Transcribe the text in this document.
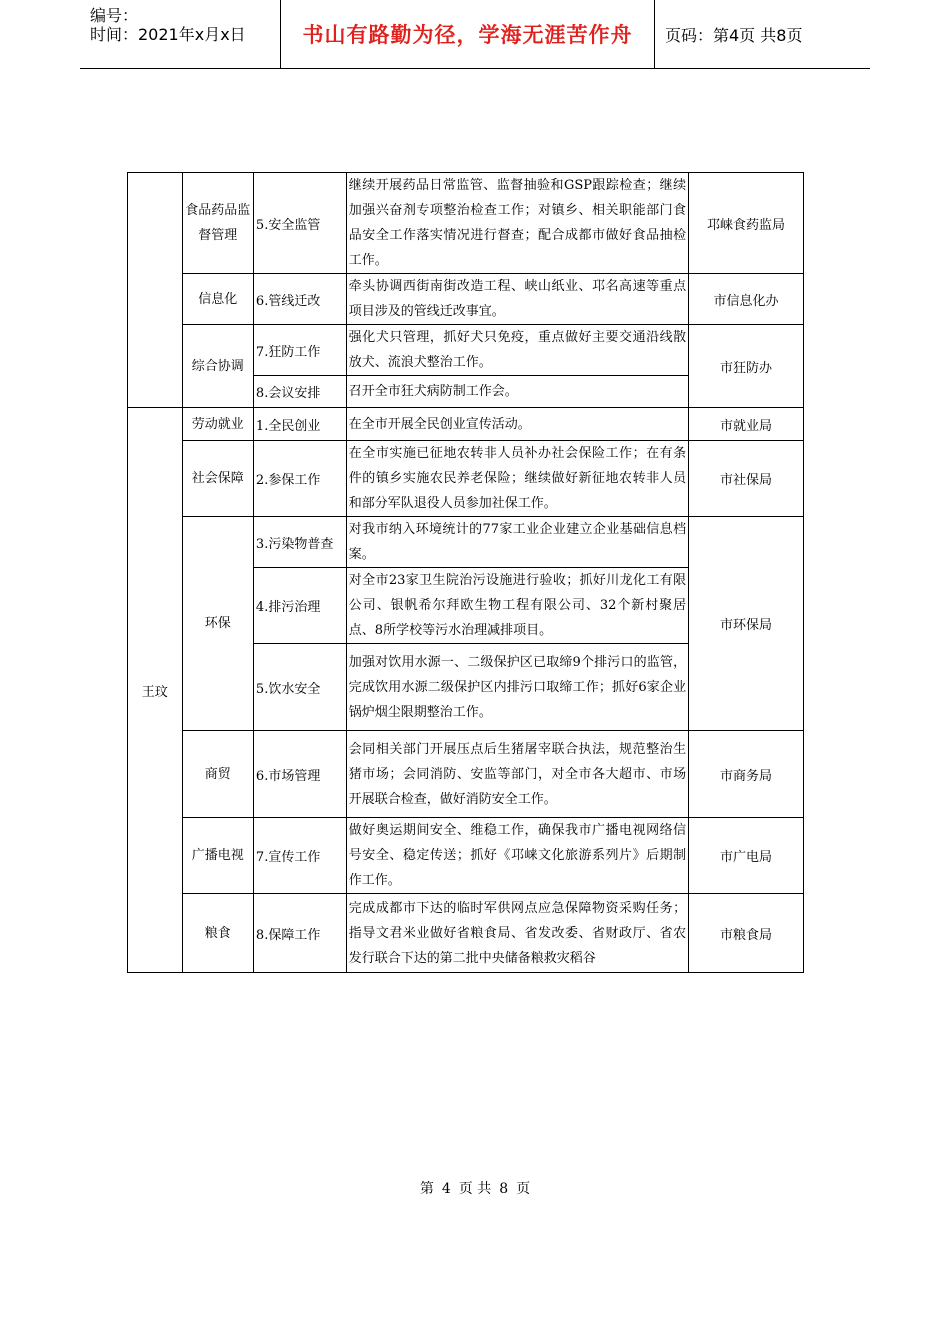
编号：
时间：2021年x月x日	书山有路勤为径，学海无涯苦作舟	页码：第4页 共8页
	食品药品监督管理	5.安全监管	继续开展药品日常监管、监督抽验和GSP跟踪检查；继续加强兴奋剂专项整治检查工作；对镇乡、相关职能部门食品安全工作落实情况进行督查；配合成都市做好食品抽检工作。	邛崃食药监局
	信息化	6.管线迁改	牵头协调西街南街改造工程、峡山纸业、邛名高速等重点项目涉及的管线迁改事宜。	市信息化办
	综合协调	7.狂防工作	强化犬只管理，抓好犬只免疫，重点做好主要交通沿线散放犬、流浪犬整治工作。	市狂防办
		8.会议安排	召开全市狂犬病防制工作会。	
王玟	劳动就业	1.全民创业	在全市开展全民创业宣传活动。	市就业局
	社会保障	2.参保工作	在全市实施已征地农转非人员补办社会保险工作；在有条件的镇乡实施农民养老保险；继续做好新征地农转非人员和部分军队退役人员参加社保工作。	市社保局
	环保	3.污染物普查	对我市纳入环境统计的77家工业企业建立企业基础信息档案。	市环保局
		4.排污治理	对全市23家卫生院治污设施进行验收；抓好川龙化工有限公司、银帆希尔拜欧生物工程有限公司、32个新村聚居点、8所学校等污水治理减排项目。	
		5.饮水安全	加强对饮用水源一、二级保护区已取缔9个排污口的监管，完成饮用水源二级保护区内排污口取缔工作；抓好6家企业锅炉烟尘限期整治工作。	
	商贸	6.市场管理	会同相关部门开展压点后生猪屠宰联合执法，规范整治生猪市场；会同消防、安监等部门，对全市各大超市、市场开展联合检查，做好消防安全工作。	市商务局
	广播电视	7.宣传工作	做好奥运期间安全、维稳工作，确保我市广播电视网络信号安全、稳定传送；抓好《邛崃文化旅游系列片》后期制作工作。	市广电局
	粮食	8.保障工作	完成成都市下达的临时军供网点应急保障物资采购任务；指导文君米业做好省粮食局、省发改委、省财政厅、省农发行联合下达的第二批中央储备粮救灾稻谷	市粮食局
第 4 页 共 8 页
